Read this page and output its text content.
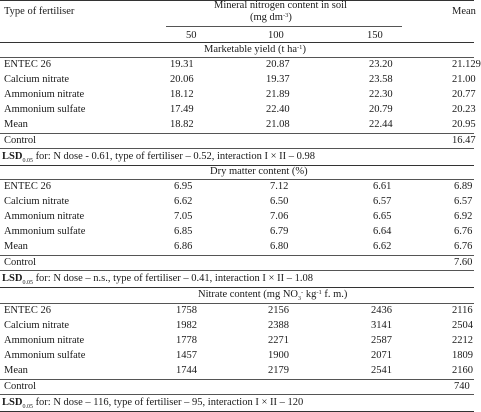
Type of fertiliser
Mineral nitrogen content in soil
(mg $dm^{-3}$)
Mean
50	100	150
Marketable yield (t $ha^{-1}$)
ENTEC 26	19.31	20.87	23.20	21.129
Calcium nitrate	20.06	19.37	23.58	21.00
Ammonium nitrate	18.12	21.89	22.30	20.77
Ammonium sulfate	17.49	22.40	20.79	20.23
Mean	18.82	21.08	22.44	20.95
Control	16.47
$LSD_{0.05}$ for: N dose - 0.61, type of fertiliser – 0.52, interaction I × II – 0.98
Dry matter content (%)
ENTEC 26	6.95	7.12	6.61	6.89
Calcium nitrate	6.62	6.50	6.57	6.57
Ammonium nitrate	7.05	7.06	6.65	6.92
Ammonium sulfate	6.85	6.79	6.64	6.76
Mean	6.86	6.80	6.62	6.76
Control	7.60
$LSD_{0.05}$ for: N dose – n.s., type of fertiliser – 0.41, interaction I × II – 1.08
Nitrate content (mg $NO_3^-$ $kg^{-1}$ f. m.)
ENTEC 26	1758	2156	2436	2116
Calcium nitrate	1982	2388	3141	2504
Ammonium nitrate	1778	2271	2587	2212
Ammonium sulfate	1457	1900	2071	1809
Mean	1744	2179	2541	2160
Control	740
$LSD_{0.05}$ for: N dose – 116, type of fertiliser – 95, interaction I × II – 120
